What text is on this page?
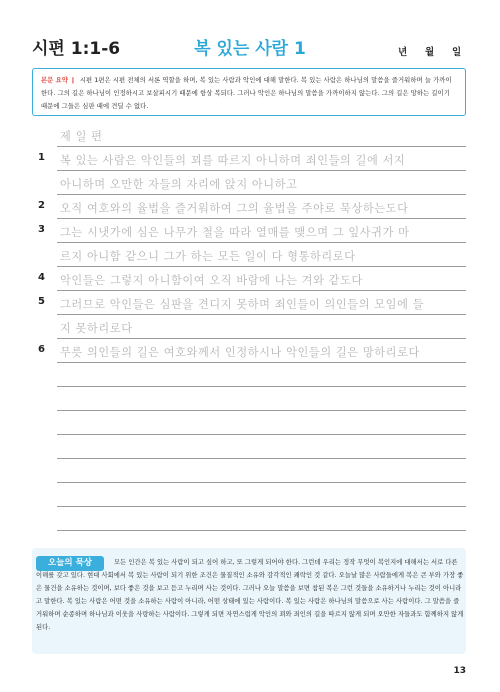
시편 1:1-6	복 있는 사람 1	년 월 일
본문 요약 ❙ 시편 1편은 시편 전체의 서론 역할을 하며, 복 있는 사람과 악인에 대해 말한다. 복 있는 사람은 하나님의 말씀을 즐거워하며 늘 가까이 한다. 그의 길은 하나님이 인정하시고 보살피시기 때문에 항상 복되다. 그러나 악인은 하나님의 말씀을 가까이하지 않는다. 그의 길은 망하는 길이기 때문에 그들은 심판 때에 견딜 수 없다.
제 일 편
1	복 있는 사람은 악인들의 꾀를 따르지 아니하며 죄인들의 길에 서지
아니하며 오만한 자들의 자리에 앉지 아니하고
2	오직 여호와의 율법을 즐거워하여 그의 율법을 주야로 묵상하는도다
3	그는 시냇가에 심은 나무가 철을 따라 열매를 맺으며 그 잎사귀가 마
르지 아니함 같으니 그가 하는 모든 일이 다 형통하리로다
4	악인들은 그렇지 아니함이여 오직 바람에 나는 겨와 같도다
5	그러므로 악인들은 심판을 견디지 못하며 죄인들이 의인들의 모임에 들
지 못하리로다
6	무릇 의인들의 길은 여호와께서 인정하시나 악인들의 길은 망하리로다
오늘의 묵상	모든 인간은 복 있는 사람이 되고 싶어 하고, 또 그렇게 되어야 한다. 그런데 우리는 정작 무엇이 복인지에 대해서는 서로 다른 이해를 갖고 있다. 현대 사회에서 복 있는 사람이 되기 위한 조건은 물질적인 소유와 감각적인 쾌락인 것 같다. 오늘날 많은 사람들에게 복은 큰 부와 가장 좋은 물건을 소유하는 것이며, 보다 좋은 것을 보고 듣고 누리며 사는 것이다. 그러나 오늘 말씀을 보면 참된 복은 그런 것들을 소유하거나 누리는 것이 아니라고 말한다. 복 있는 사람은 어떤 것을 소유하는 사람이 아니라, 어떤 상태에 있는 사람이다. 복 있는 사람은 하나님의 말씀으로 사는 사람이다. 그 말씀을 즐거워하며 순종하며 하나님과 이웃을 사랑하는 사람이다. 그렇게 되면 자연스럽게 악인의 꾀와 죄인의 길을 따르지 않게 되며 오만한 자들과도 함께하지 않게 된다.
13
